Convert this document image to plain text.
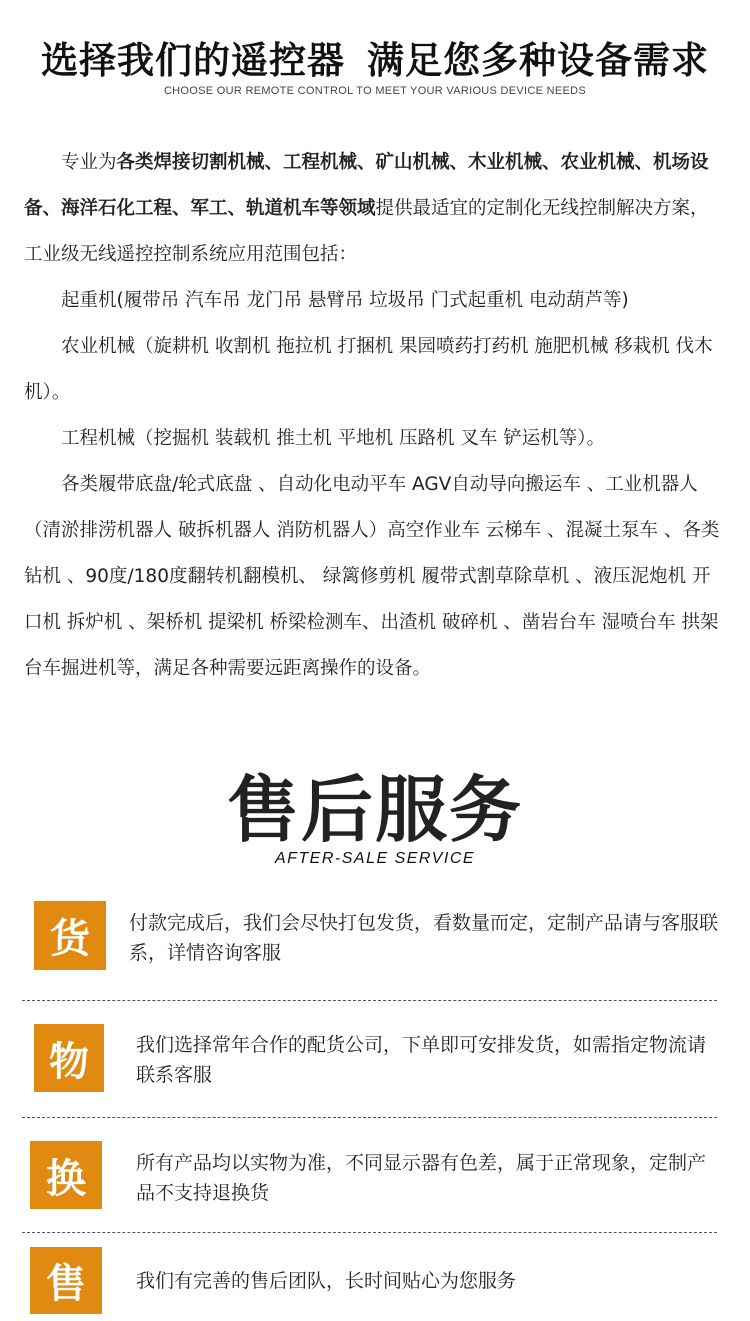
选择我们的遥控器 满足您多种设备需求
CHOOSE OUR REMOTE CONTROL TO MEET YOUR VARIOUS DEVICE NEEDS

专业为各类焊接切割机械、工程机械、矿山机械、木业机械、农业机械、机场设备、海洋石化工程、军工、轨道机车等领域提供最适宜的定制化无线控制解决方案， 工业级无线遥控控制系统应用范围包括：

起重机(履带吊 汽车吊 龙门吊 悬臂吊 垃圾吊 门式起重机 电动葫芦等)

农业机械（旋耕机 收割机 拖拉机 打捆机 果园喷药打药机 施肥机械 移栽机 伐木机）。

工程机械（挖掘机 装载机 推土机 平地机 压路机 叉车 铲运机等）。

各类履带底盘/轮式底盘 、自动化电动平车 AGV自动导向搬运车 、工业机器人（清淤排涝机器人 破拆机器人 消防机器人）高空作业车 云梯车 、混凝土泵车 、各类钻机 、90度/180度翻转机翻模机、 绿篱修剪机 履带式割草除草机 、液压泥炮机 开口机 拆炉机 、架桥机 提梁机 桥梁检测车、出渣机 破碎机 、凿岩台车 湿喷台车 拱架台车掘进机等，满足各种需要远距离操作的设备。

售后服务
AFTER-SALE SERVICE
货	付款完成后，我们会尽快打包发货，看数量而定，定制产品请与客服联系，详情咨询客服
物	我们选择常年合作的配货公司，下单即可安排发货，如需指定物流请联系客服
换	所有产品均以实物为准，不同显示器有色差，属于正常现象，定制产品不支持退换货
售	我们有完善的售后团队，长时间贴心为您服务
